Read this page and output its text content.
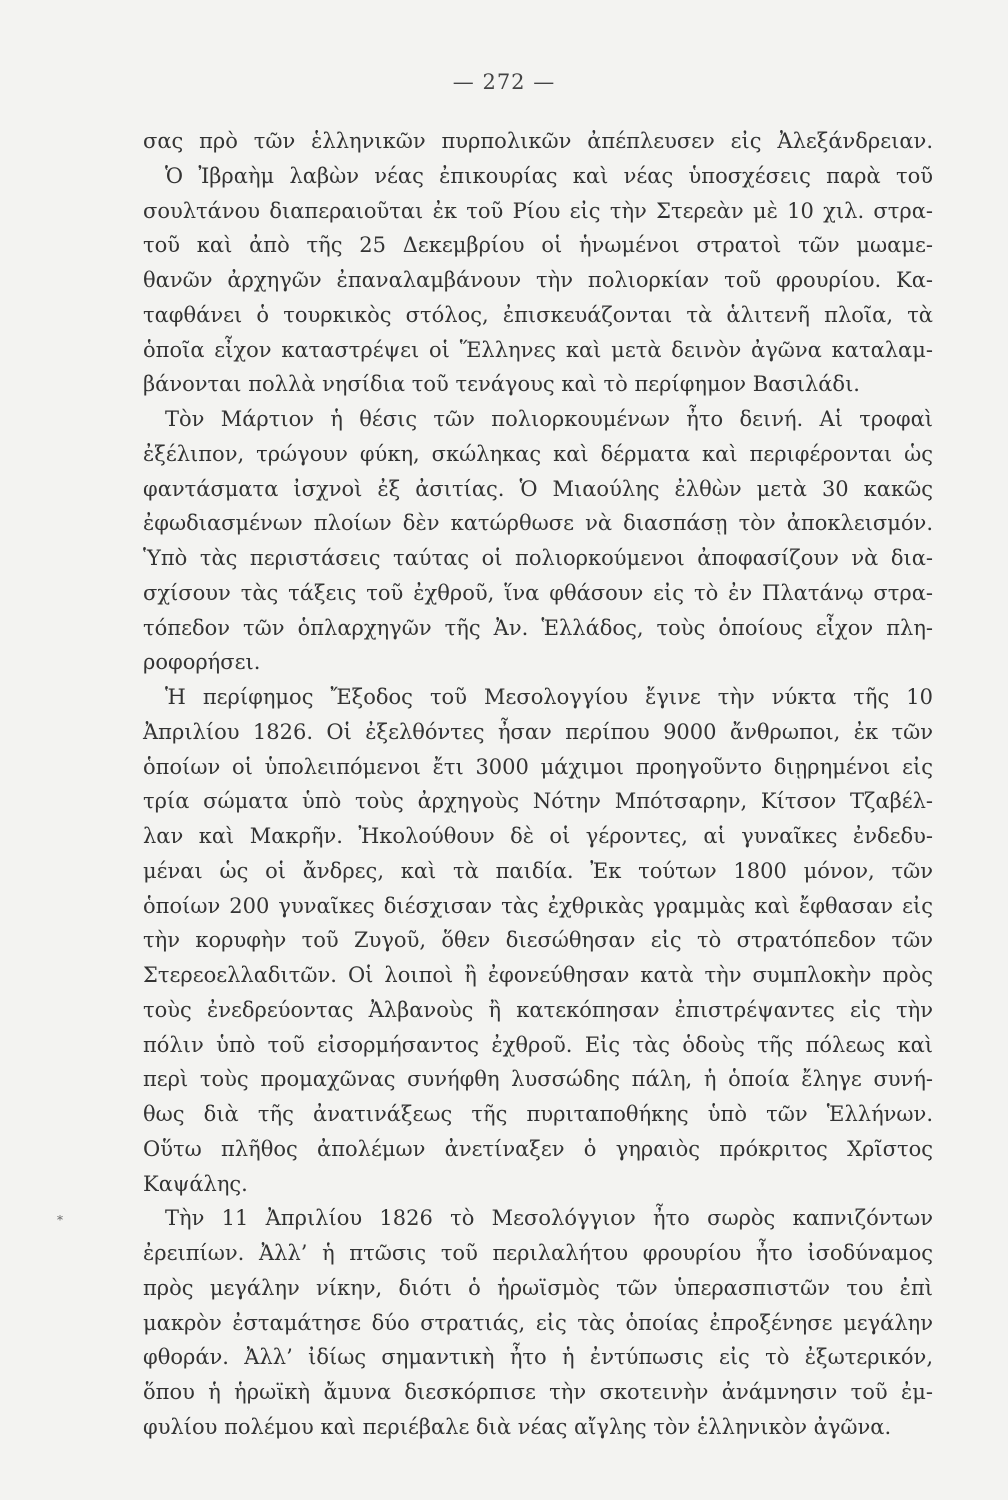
— 272 —
*
σας πρὸ τῶν ἑλληνικῶν πυρπολικῶν ἀπέπλευσεν εἰς Ἀλεξάνδρειαν.
Ὁ Ἰβραὴμ λαβὼν νέας ἐπικουρίας καὶ νέας ὑποσχέσεις παρὰ τοῦ
σουλτάνου διαπεραιοῦται ἐκ τοῦ Ρίου εἰς τὴν Στερεὰν μὲ 10 χιλ. στρα-
τοῦ καὶ ἀπὸ τῆς 25 Δεκεμβρίου οἱ ἡνωμένοι στρατοὶ τῶν μωαμε-
θανῶν ἀρχηγῶν ἐπαναλαμβάνουν τὴν πολιορκίαν τοῦ φρουρίου. Κα-
ταφθάνει ὁ τουρκικὸς στόλος, ἐπισκευάζονται τὰ ἁλιτενῆ πλοῖα, τὰ
ὁποῖα εἶχον καταστρέψει οἱ Ἕλληνες καὶ μετὰ δεινὸν ἀγῶνα καταλαμ-
βάνονται πολλὰ νησίδια τοῦ τενάγους καὶ τὸ περίφημον Βασιλάδι.
Τὸν Μάρτιον ἡ θέσις τῶν πολιορκουμένων ἦτο δεινή. Αἱ τροφαὶ
ἐξέλιπον, τρώγουν φύκη, σκώληκας καὶ δέρματα καὶ περιφέρονται ὡς
φαντάσματα ἰσχνοὶ ἐξ ἀσιτίας. Ὁ Μιαούλης ἐλθὼν μετὰ 30 κακῶς
ἐφωδιασμένων πλοίων δὲν κατώρθωσε νὰ διασπάσῃ τὸν ἀποκλεισμόν.
Ὑπὸ τὰς περιστάσεις ταύτας οἱ πολιορκούμενοι ἀποφασίζουν νὰ δια-
σχίσουν τὰς τάξεις τοῦ ἐχθροῦ, ἵνα φθάσουν εἰς τὸ ἐν Πλατάνῳ στρα-
τόπεδον τῶν ὁπλαρχηγῶν τῆς Ἀν. Ἑλλάδος, τοὺς ὁποίους εἶχον πλη-
ροφορήσει.
Ἡ περίφημος Ἔξοδος τοῦ Μεσολογγίου ἔγινε τὴν νύκτα τῆς 10
Ἀπριλίου 1826. Οἱ ἐξελθόντες ἦσαν περίπου 9000 ἄνθρωποι, ἐκ τῶν
ὁποίων οἱ ὑπολειπόμενοι ἔτι 3000 μάχιμοι προηγοῦντο διῃρημένοι εἰς
τρία σώματα ὑπὸ τοὺς ἀρχηγοὺς Νότην Μπότσαρην, Κίτσον Τζαβέλ-
λαν καὶ Μακρῆν. Ἠκολούθουν δὲ οἱ γέροντες, αἱ γυναῖκες ἐνδεδυ-
μέναι ὡς οἱ ἄνδρες, καὶ τὰ παιδία. Ἐκ τούτων 1800 μόνον, τῶν
ὁποίων 200 γυναῖκες διέσχισαν τὰς ἐχθρικὰς γραμμὰς καὶ ἔφθασαν εἰς
τὴν κορυφὴν τοῦ Ζυγοῦ, ὅθεν διεσώθησαν εἰς τὸ στρατόπεδον τῶν
Στερεοελλαδιτῶν. Οἱ λοιποὶ ἢ ἐφονεύθησαν κατὰ τὴν συμπλοκὴν πρὸς
τοὺς ἐνεδρεύοντας Ἀλβανοὺς ἢ κατεκόπησαν ἐπιστρέψαντες εἰς τὴν
πόλιν ὑπὸ τοῦ εἰσορμήσαντος ἐχθροῦ. Εἰς τὰς ὁδοὺς τῆς πόλεως καὶ
περὶ τοὺς προμαχῶνας συνήφθη λυσσώδης πάλη, ἡ ὁποία ἔληγε συνή-
θως διὰ τῆς ἀνατινάξεως τῆς πυριταποθήκης ὑπὸ τῶν Ἑλλήνων.
Οὕτω πλῆθος ἀπολέμων ἀνετίναξεν ὁ γηραιὸς πρόκριτος Χρῖστος
Καψάλης.
Τὴν 11 Ἀπριλίου 1826 τὸ Μεσολόγγιον ἦτο σωρὸς καπνιζόντων
ἐρειπίων. Ἀλλ’ ἡ πτῶσις τοῦ περιλαλήτου φρουρίου ἦτο ἰσοδύναμος
πρὸς μεγάλην νίκην, διότι ὁ ἡρωϊσμὸς τῶν ὑπερασπιστῶν του ἐπὶ
μακρὸν ἐσταμάτησε δύο στρατιάς, εἰς τὰς ὁποίας ἐπροξένησε μεγάλην
φθοράν. Ἀλλ’ ἰδίως σημαντικὴ ἦτο ἡ ἐντύπωσις εἰς τὸ ἐξωτερικόν,
ὅπου ἡ ἡρωϊκὴ ἄμυνα διεσκόρπισε τὴν σκοτεινὴν ἀνάμνησιν τοῦ ἐμ-
φυλίου πολέμου καὶ περιέβαλε διὰ νέας αἴγλης τὸν ἑλληνικὸν ἀγῶνα.
